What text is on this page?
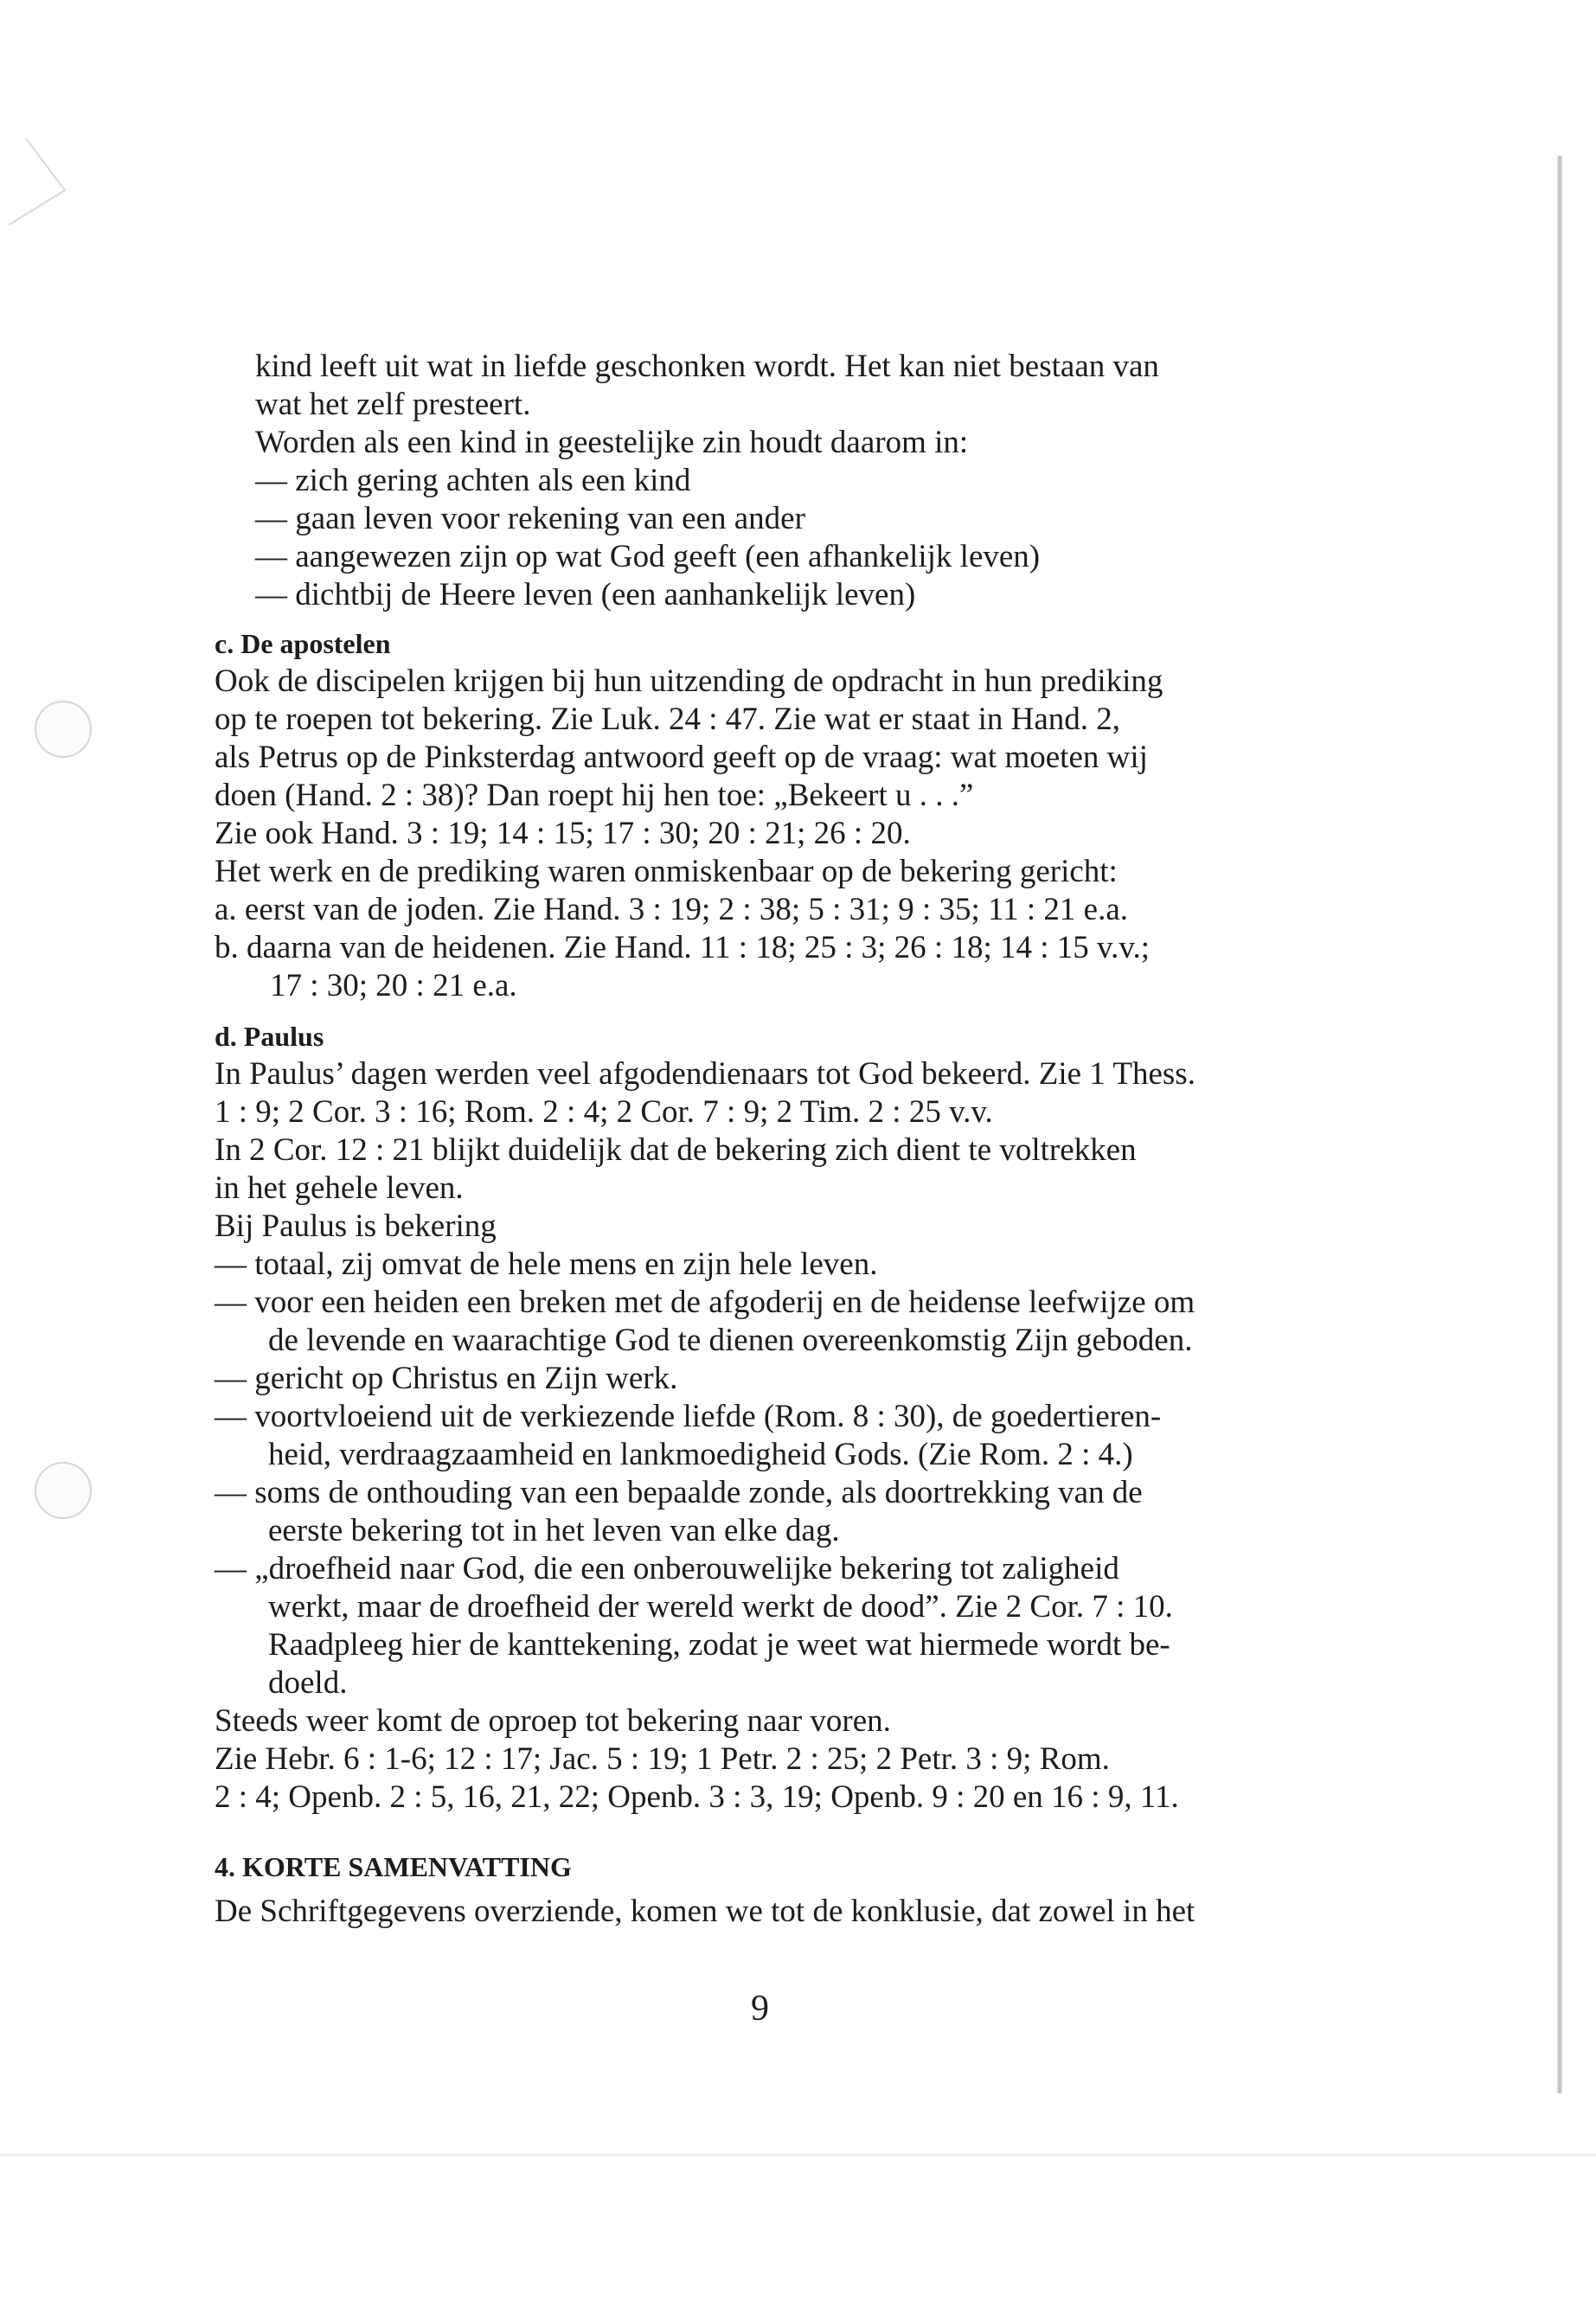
kind leeft uit wat in liefde geschonken wordt. Het kan niet bestaan van
wat het zelf presteert.
Worden als een kind in geestelijke zin houdt daarom in:
— zich gering achten als een kind
— gaan leven voor rekening van een ander
— aangewezen zijn op wat God geeft (een afhankelijk leven)
— dichtbij de Heere leven (een aanhankelijk leven)
c. De apostelen
Ook de discipelen krijgen bij hun uitzending de opdracht in hun prediking
op te roepen tot bekering. Zie Luk. 24 : 47. Zie wat er staat in Hand. 2,
als Petrus op de Pinksterdag antwoord geeft op de vraag: wat moeten wij
doen (Hand. 2 : 38)? Dan roept hij hen toe: „Bekeert u . . .”
Zie ook Hand. 3 : 19; 14 : 15; 17 : 30; 20 : 21; 26 : 20.
Het werk en de prediking waren onmiskenbaar op de bekering gericht:
a. eerst van de joden. Zie Hand. 3 : 19; 2 : 38; 5 : 31; 9 : 35; 11 : 21 e.a.
b. daarna van de heidenen. Zie Hand. 11 : 18; 25 : 3; 26 : 18; 14 : 15 v.v.;
17 : 30; 20 : 21 e.a.
d. Paulus
In Paulus’ dagen werden veel afgodendienaars tot God bekeerd. Zie 1 Thess.
1 : 9; 2 Cor. 3 : 16; Rom. 2 : 4; 2 Cor. 7 : 9; 2 Tim. 2 : 25 v.v.
In 2 Cor. 12 : 21 blijkt duidelijk dat de bekering zich dient te voltrekken
in het gehele leven.
Bij Paulus is bekering
— totaal, zij omvat de hele mens en zijn hele leven.
— voor een heiden een breken met de afgoderij en de heidense leefwijze om
de levende en waarachtige God te dienen overeenkomstig Zijn geboden.
— gericht op Christus en Zijn werk.
— voortvloeiend uit de verkiezende liefde (Rom. 8 : 30), de goedertieren-
heid, verdraagzaamheid en lankmoedigheid Gods. (Zie Rom. 2 : 4.)
— soms de onthouding van een bepaalde zonde, als doortrekking van de
eerste bekering tot in het leven van elke dag.
— „droefheid naar God, die een onberouwelijke bekering tot zaligheid
werkt, maar de droefheid der wereld werkt de dood”. Zie 2 Cor. 7 : 10.
Raadpleeg hier de kanttekening, zodat je weet wat hiermede wordt be-
doeld.
Steeds weer komt de oproep tot bekering naar voren.
Zie Hebr. 6 : 1-6; 12 : 17; Jac. 5 : 19; 1 Petr. 2 : 25; 2 Petr. 3 : 9; Rom.
2 : 4; Openb. 2 : 5, 16, 21, 22; Openb. 3 : 3, 19; Openb. 9 : 20 en 16 : 9, 11.
4. KORTE SAMENVATTING
De Schriftgegevens overziende, komen we tot de konklusie, dat zowel in het
9
